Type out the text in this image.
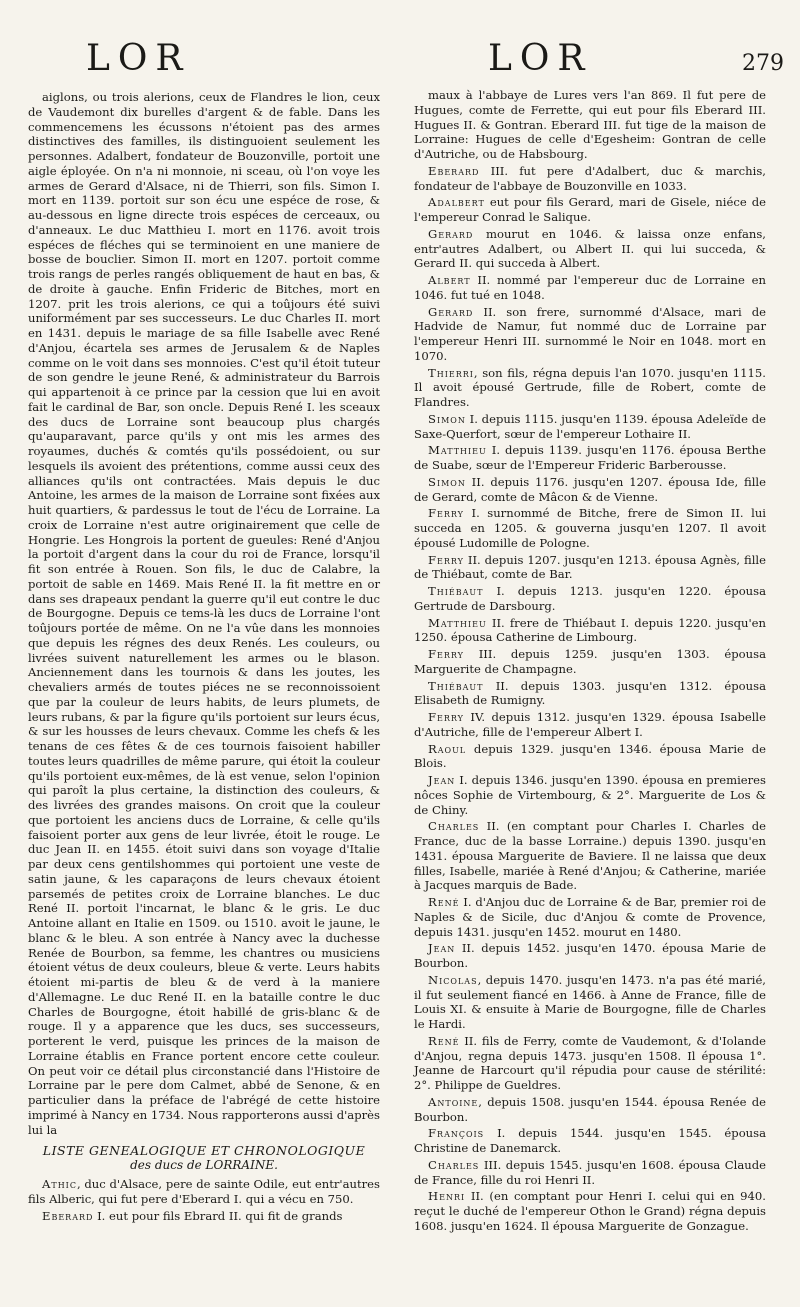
LOR	LOR	279

aiglons, ou trois alerions, ceux de Flandres le lion, ceux de Vaudemont dix burelles d'argent & de fable. Dans les commencemens les écussons n'étoient pas des armes distinctives des familles, ils distinguoient seulement les personnes. Adalbert, fondateur de Bouzonville, portoit une aigle éployée. On n'a ni monnoie, ni sceau, où l'on voye les armes de Gerard d'Alsace, ni de Thierri, son fils. Simon I. mort en 1139. portoit sur son écu une espéce de rose, & au-dessous en ligne directe trois espéces de cerceaux, ou d'anneaux. Le duc Matthieu I. mort en 1176. avoit trois espéces de fléches qui se terminoient en une maniere de bosse de bouclier. Simon II. mort en 1207. portoit comme trois rangs de perles rangés obliquement de haut en bas, & de droite à gauche. Enfin Frideric de Bitches, mort en 1207. prit les trois alerions, ce qui a toûjours été suivi uniformément par ses successeurs. Le duc Charles II. mort en 1431. depuis le mariage de sa fille Isabelle avec René d'Anjou, écartela ses armes de Jerusalem & de Naples comme on le voit dans ses monnoies. C'est qu'il étoit tuteur de son gendre le jeune René, & administrateur du Barrois qui appartenoit à ce prince par la cession que lui en avoit fait le cardinal de Bar, son oncle. Depuis René I. les sceaux des ducs de Lorraine sont beaucoup plus chargés qu'auparavant, parce qu'ils y ont mis les armes des royaumes, duchés & comtés qu'ils possédoient, ou sur lesquels ils avoient des prétentions, comme aussi ceux des alliances qu'ils ont contractées. Mais depuis le duc Antoine, les armes de la maison de Lorraine sont fixées aux huit quartiers, & pardessus le tout de l'écu de Lorraine. La croix de Lorraine n'est autre originairement que celle de Hongrie. Les Hongrois la portent de gueules: René d'Anjou la portoit d'argent dans la cour du roi de France, lorsqu'il fit son entrée à Rouen. Son fils, le duc de Calabre, la portoit de sable en 1469. Mais René II. la fit mettre en or dans ses drapeaux pendant la guerre qu'il eut contre le duc de Bourgogne. Depuis ce tems-là les ducs de Lorraine l'ont toûjours portée de même. On ne l'a vûe dans les monnoies que depuis les régnes des deux Renés. Les couleurs, ou livrées suivent naturellement les armes ou le blason. Anciennement dans les tournois & dans les joutes, les chevaliers armés de toutes piéces ne se reconnoissoient que par la couleur de leurs habits, de leurs plumets, de leurs rubans, & par la figure qu'ils portoient sur leurs écus, & sur les housses de leurs chevaux. Comme les chefs & les tenans de ces fêtes & de ces tournois faisoient habiller toutes leurs quadrilles de même parure, qui étoit la couleur qu'ils portoient eux-mêmes, de là est venue, selon l'opinion qui paroît la plus certaine, la distinction des couleurs, & des livrées des grandes maisons. On croit que la couleur que portoient les anciens ducs de Lorraine, & celle qu'ils faisoient porter aux gens de leur livrée, étoit le rouge. Le duc Jean II. en 1455. étoit suivi dans son voyage d'Italie par deux cens gentilshommes qui portoient une veste de satin jaune, & les caparaçons de leurs chevaux étoient parsemés de petites croix de Lorraine blanches. Le duc René II. portoit l'incarnat, le blanc & le gris. Le duc Antoine allant en Italie en 1509. ou 1510. avoit le jaune, le blanc & le bleu. A son entrée à Nancy avec la duchesse Renée de Bourbon, sa femme, les chantres ou musiciens étoient vétus de deux couleurs, bleue & verte. Leurs habits étoient mi-partis de bleu & de verd à la maniere d'Allemagne. Le duc René II. en la bataille contre le duc Charles de Bourgogne, étoit habillé de gris-blanc & de rouge. Il y a apparence que les ducs, ses successeurs, porterent le verd, puisque les princes de la maison de Lorraine établis en France portent encore cette couleur. On peut voir ce détail plus circonstancié dans l'Histoire de Lorraine par le pere dom Calmet, abbé de Senone, & en particulier dans la préface de l'abrégé de cette histoire imprimé à Nancy en 1734. Nous rapporterons aussi d'après lui la

LISTE GENEALOGIQUE ET CHRONOLOGIQUE
des ducs de LORRAINE.

Athic, duc d'Alsace, pere de sainte Odile, eut entr'autres fils Alberic, qui fut pere d'Eberard I. qui a vécu en 750.

Eberard I. eut pour fils Ebrard II. qui fit de grands

maux à l'abbaye de Lures vers l'an 869. Il fut pere de Hugues, comte de Ferrette, qui eut pour fils Eberard III. Hugues II. & Gontran. Eberard III. fut tige de la maison de Lorraine: Hugues de celle d'Egesheim: Gontran de celle d'Autriche, ou de Habsbourg.

Eberard III. fut pere d'Adalbert, duc & marchis, fondateur de l'abbaye de Bouzonville en 1033.

Adalbert eut pour fils Gerard, mari de Gisele, niéce de l'empereur Conrad le Salique.

Gerard mourut en 1046. & laissa onze enfans, entr'autres Adalbert, ou Albert II. qui lui succeda, & Gerard II. qui succeda à Albert.

Albert II. nommé par l'empereur duc de Lorraine en 1046. fut tué en 1048.

Gerard II. son frere, surnommé d'Alsace, mari de Hadvide de Namur, fut nommé duc de Lorraine par l'empereur Henri III. surnommé le Noir en 1048. mort en 1070.

Thierri, son fils, régna depuis l'an 1070. jusqu'en 1115. Il avoit épousé Gertrude, fille de Robert, comte de Flandres.

Simon I. depuis 1115. jusqu'en 1139. épousa Adeleïde de Saxe-Querfort, sœur de l'empereur Lothaire II.

Matthieu I. depuis 1139. jusqu'en 1176. épousa Berthe de Suabe, sœur de l'Empereur Frideric Barberousse.

Simon II. depuis 1176. jusqu'en 1207. épousa Ide, fille de Gerard, comte de Mâcon & de Vienne.

Ferry I. surnommé de Bitche, frere de Simon II. lui succeda en 1205. & gouverna jusqu'en 1207. Il avoit épousé Ludomille de Pologne.

Ferry II. depuis 1207. jusqu'en 1213. épousa Agnès, fille de Thiébaut, comte de Bar.

Thiébaut I. depuis 1213. jusqu'en 1220. épousa Gertrude de Darsbourg.

Matthieu II. frere de Thiébaut I. depuis 1220. jusqu'en 1250. épousa Catherine de Limbourg.

Ferry III. depuis 1259. jusqu'en 1303. épousa Marguerite de Champagne.

Thiébaut II. depuis 1303. jusqu'en 1312. épousa Elisabeth de Rumigny.

Ferry IV. depuis 1312. jusqu'en 1329. épousa Isabelle d'Autriche, fille de l'empereur Albert I.

Raoul depuis 1329. jusqu'en 1346. épousa Marie de Blois.

Jean I. depuis 1346. jusqu'en 1390. épousa en premieres nôces Sophie de Virtembourg, & 2°. Marguerite de Los & de Chiny.

Charles II. (en comptant pour Charles I. Charles de France, duc de la basse Lorraine.) depuis 1390. jusqu'en 1431. épousa Marguerite de Baviere. Il ne laissa que deux filles, Isabelle, mariée à René d'Anjou; & Catherine, mariée à Jacques marquis de Bade.

René I. d'Anjou duc de Lorraine & de Bar, premier roi de Naples & de Sicile, duc d'Anjou & comte de Provence, depuis 1431. jusqu'en 1452. mourut en 1480.

Jean II. depuis 1452. jusqu'en 1470. épousa Marie de Bourbon.

Nicolas, depuis 1470. jusqu'en 1473. n'a pas été marié, il fut seulement fiancé en 1466. à Anne de France, fille de Louis XI. & ensuite à Marie de Bourgogne, fille de Charles le Hardi.

René II. fils de Ferry, comte de Vaudemont, & d'Iolande d'Anjou, regna depuis 1473. jusqu'en 1508. Il épousa 1°. Jeanne de Harcourt qu'il répudia pour cause de stérilité: 2°. Philippe de Gueldres.

Antoine, depuis 1508. jusqu'en 1544. épousa Renée de Bourbon.

François I. depuis 1544. jusqu'en 1545. épousa Christine de Danemarck.

Charles III. depuis 1545. jusqu'en 1608. épousa Claude de France, fille du roi Henri II.

Henri II. (en comptant pour Henri I. celui qui en 940. reçut le duché de l'empereur Othon le Grand) régna depuis 1608. jusqu'en 1624. Il épousa Marguerite de Gonzague.
